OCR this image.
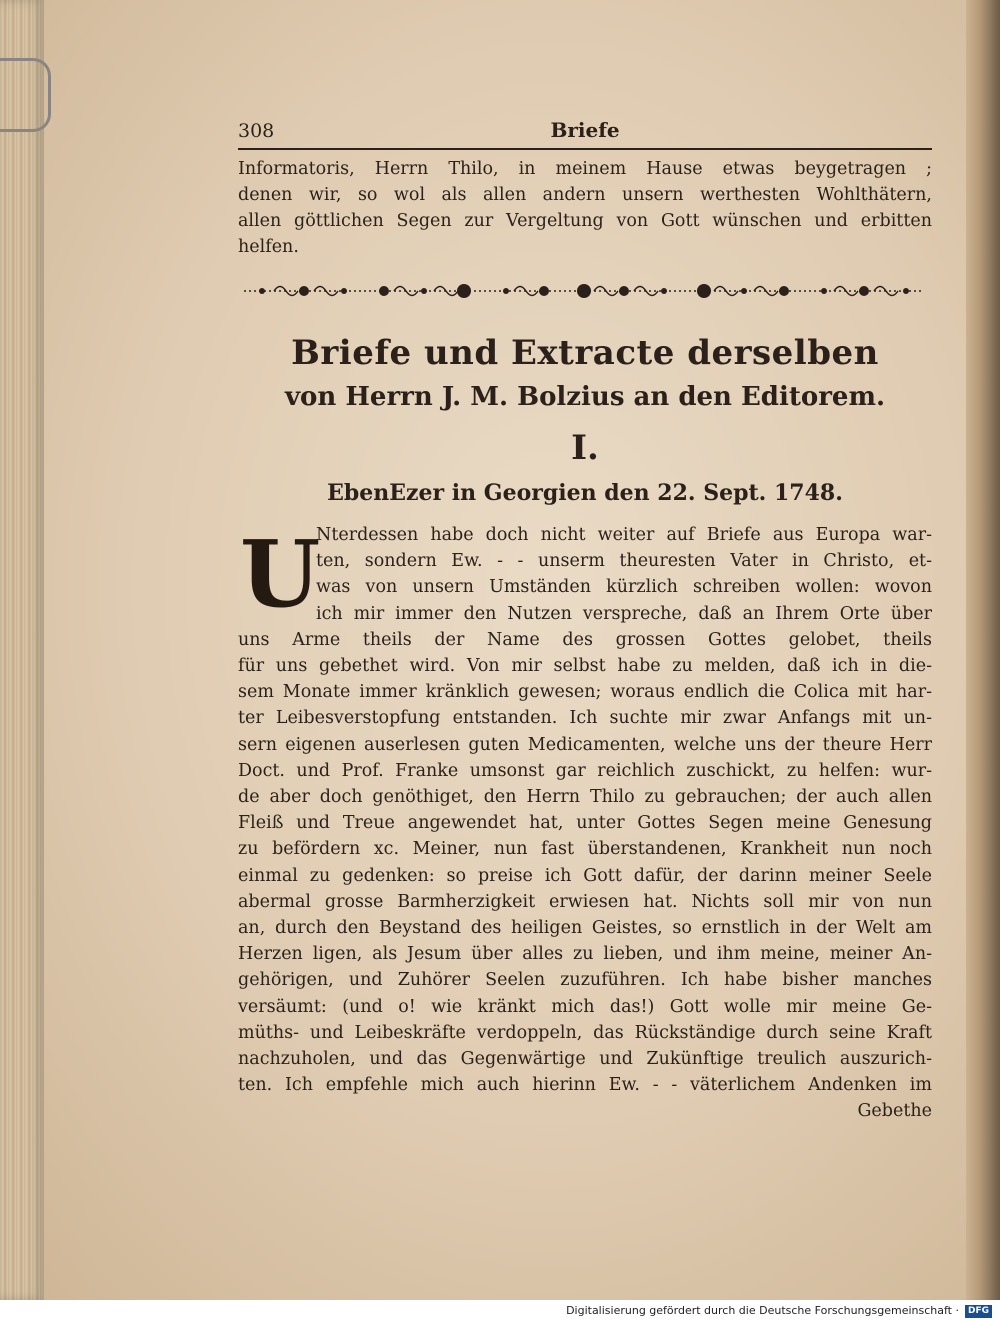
308	Briefe
Informatoris, Herrn Thilo, in meinem Hause etwas beygetragen ;
denen wir, so wol als allen andern unsern werthesten Wohlthätern,
allen göttlichen Segen zur Vergeltung von Gott wünschen und erbitten
helfen.
Briefe und Extracte derselben
von Herrn J. M. Bolzius an den Editorem.
I.
EbenEzer in Georgien den 22. Sept. 1748.
U
Nterdessen habe doch nicht weiter auf Briefe aus Europa war-
ten, sondern Ew. - - unserm theuresten Vater in Christo, et-
was von unsern Umständen kürzlich schreiben wollen: wovon
ich mir immer den Nutzen verspreche, daß an Ihrem Orte über
uns Arme theils der Name des grossen Gottes gelobet, theils
für uns gebethet wird. Von mir selbst habe zu melden, daß ich in die-
sem Monate immer kränklich gewesen; woraus endlich die Colica mit har-
ter Leibesverstopfung entstanden. Ich suchte mir zwar Anfangs mit un-
sern eigenen auserlesen guten Medicamenten, welche uns der theure Herr
Doct. und Prof. Franke umsonst gar reichlich zuschickt, zu helfen: wur-
de aber doch genöthiget, den Herrn Thilo zu gebrauchen; der auch allen
Fleiß und Treue angewendet hat, unter Gottes Segen meine Genesung
zu befördern xc. Meiner, nun fast überstandenen, Krankheit nun noch
einmal zu gedenken: so preise ich Gott dafür, der darinn meiner Seele
abermal grosse Barmherzigkeit erwiesen hat. Nichts soll mir von nun
an, durch den Beystand des heiligen Geistes, so ernstlich in der Welt am
Herzen ligen, als Jesum über alles zu lieben, und ihm meine, meiner An-
gehörigen, und Zuhörer Seelen zuzuführen. Ich habe bisher manches
versäumt: (und o! wie kränkt mich das!) Gott wolle mir meine Ge-
müths- und Leibeskräfte verdoppeln, das Rückständige durch seine Kraft
nachzuholen, und das Gegenwärtige und Zukünftige treulich auszurich-
ten. Ich empfehle mich auch hierinn Ew. - - väterlichem Andenken im
Gebethe
Digitalisierung gefördert durch die Deutsche Forschungsgemeinschaft · DFG
